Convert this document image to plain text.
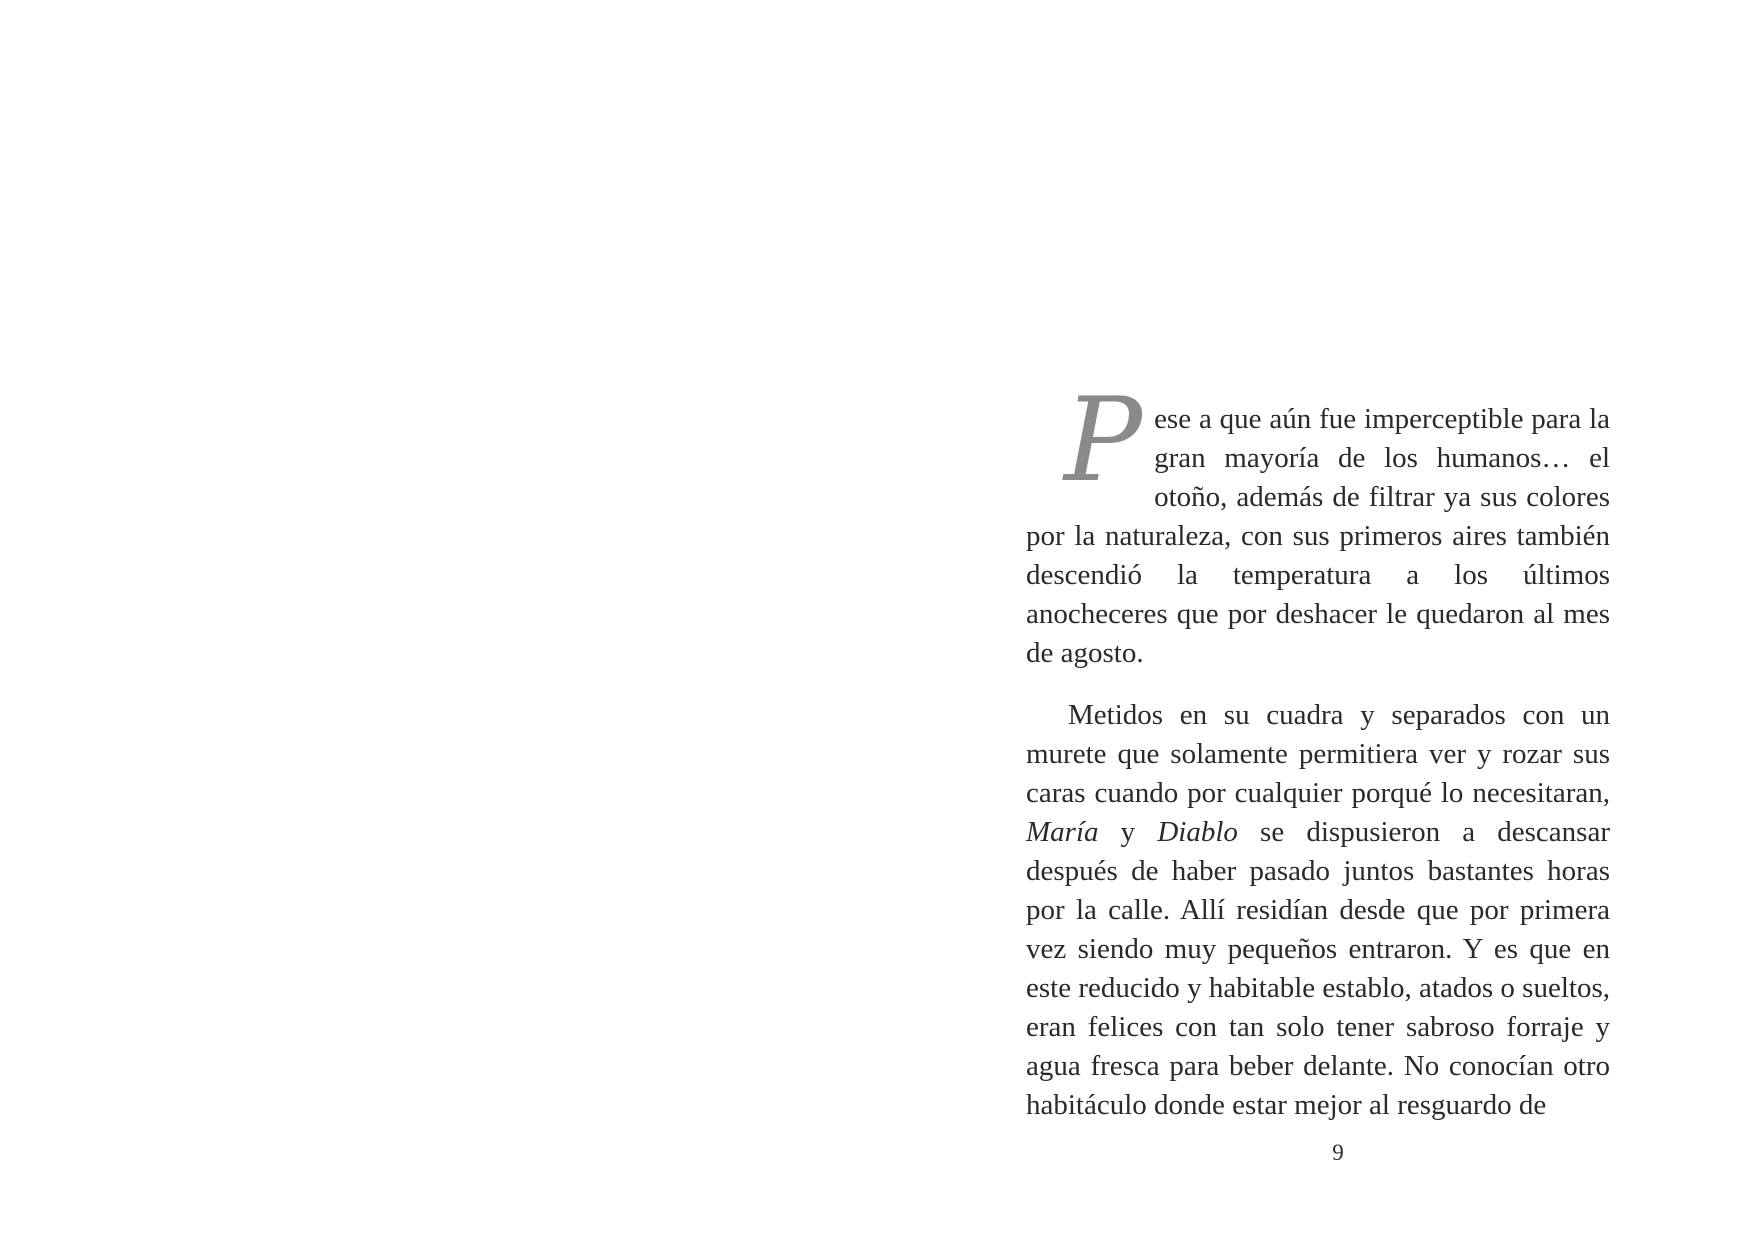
Pese a que aún fue imperceptible para la gran mayoría de los humanos… el otoño, además de filtrar ya sus colores por la naturaleza, con sus primeros aires también descendió la temperatura a los últimos anocheceres que por deshacer le quedaron al mes de agosto.

Metidos en su cuadra y separados con un murete que solamente permitiera ver y rozar sus caras cuando por cualquier porqué lo necesitaran, María y Diablo se dispusieron a descansar después de haber pasado juntos bastantes horas por la calle. Allí residían desde que por primera vez siendo muy pequeños entraron. Y es que en este reducido y habitable establo, atados o sueltos, eran felices con tan solo tener sabroso forraje y agua fresca para beber delante. No conocían otro habitáculo donde estar mejor al resguardo de

9
